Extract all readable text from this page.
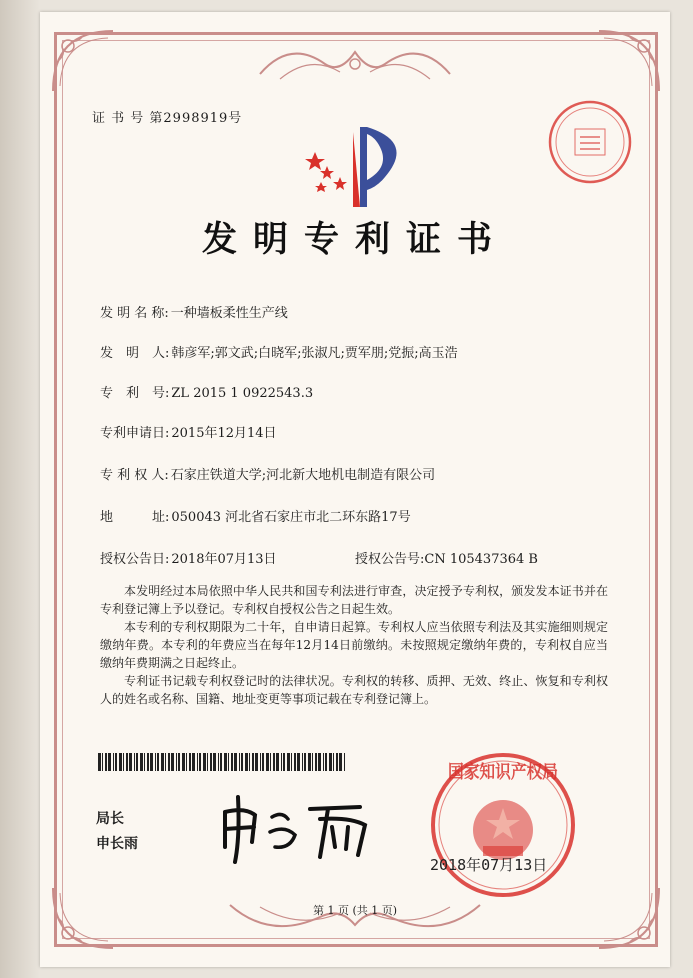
证 书 号 第2998919号
发明专利证书
发 明 名 称: 一种墙板柔性生产线
发　明　人: 韩彦军;郭文武;白晓军;张淑凡;贾军朋;党振;高玉浩
专　利　号: ZL 2015 1 0922543.3
专利申请日: 2015年12月14日
专 利 权 人: 石家庄铁道大学;河北新大地机电制造有限公司
地　　　址: 050043 河北省石家庄市北二环东路17号
授权公告日: 2018年07月13日	授权公告号:CN 105437364 B

本发明经过本局依照中华人民共和国专利法进行审查，决定授予专利权，颁发发本证书并在专利登记簿上予以登记。专利权自授权公告之日起生效。

本专利的专利权期限为二十年，自申请日起算。专利权人应当依照专利法及其实施细则规定缴纳年费。本专利的年费应当在每年12月14日前缴纳。未按照规定缴纳年费的，专利权自应当缴纳年费期满之日起终止。

专利证书记载专利权登记时的法律状况。专利权的转移、质押、无效、终止、恢复和专利权人的姓名或名称、国籍、地址变更等事项记载在专利登记簿上。

局长
申长雨
国家知识产权局
2018年07月13日
第 1 页 (共 1 页)
